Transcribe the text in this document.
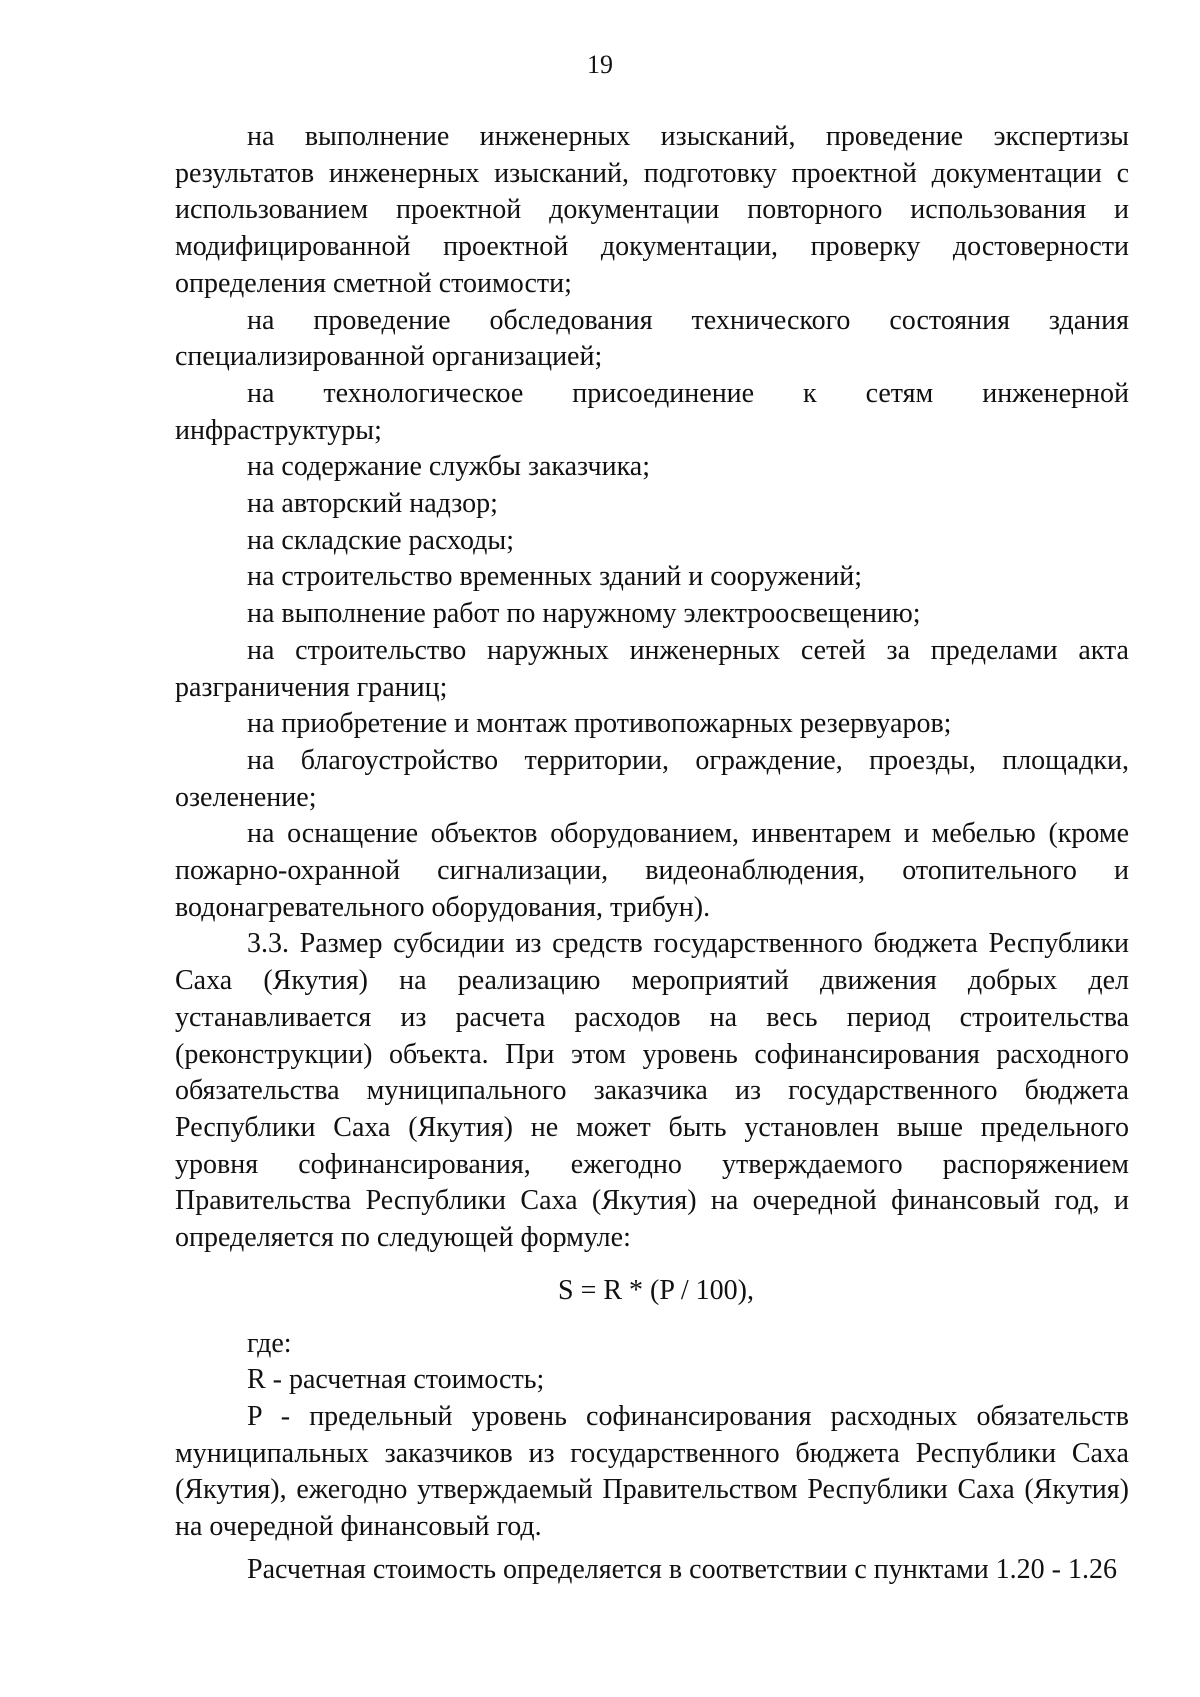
19

на выполнение инженерных изысканий, проведение экспертизы результатов инженерных изысканий, подготовку проектной документации с использованием проектной документации повторного использования и модифицированной проектной документации, проверку достоверности определения сметной стоимости;

на проведение обследования технического состояния здания специализированной организацией;

на технологическое присоединение к сетям инженерной инфраструктуры;

на содержание службы заказчика;

на авторский надзор;

на складские расходы;

на строительство временных зданий и сооружений;

на выполнение работ по наружному электроосвещению;

на строительство наружных инженерных сетей за пределами акта разграничения границ;

на приобретение и монтаж противопожарных резервуаров;

на благоустройство территории, ограждение, проезды, площадки, озеленение;

на оснащение объектов оборудованием, инвентарем и мебелью (кроме пожарно-охранной сигнализации, видеонаблюдения, отопительного и водонагревательного оборудования, трибун).

3.3. Размер субсидии из средств государственного бюджета Республики Саха (Якутия) на реализацию мероприятий движения добрых дел устанавливается из расчета расходов на весь период строительства (реконструкции) объекта. При этом уровень софинансирования расходного обязательства муниципального заказчика из государственного бюджета Республики Саха (Якутия) не может быть установлен выше предельного уровня софинансирования, ежегодно утверждаемого распоряжением Правительства Республики Саха (Якутия) на очередной финансовый год, и определяется по следующей формуле:

S = R * (P / 100),

где:

R - расчетная стоимость;

P - предельный уровень софинансирования расходных обязательств муниципальных заказчиков из государственного бюджета Республики Саха (Якутия), ежегодно утверждаемый Правительством Республики Саха (Якутия) на очередной финансовый год.

Расчетная стоимость определяется в соответствии с пунктами 1.20 - 1.26
